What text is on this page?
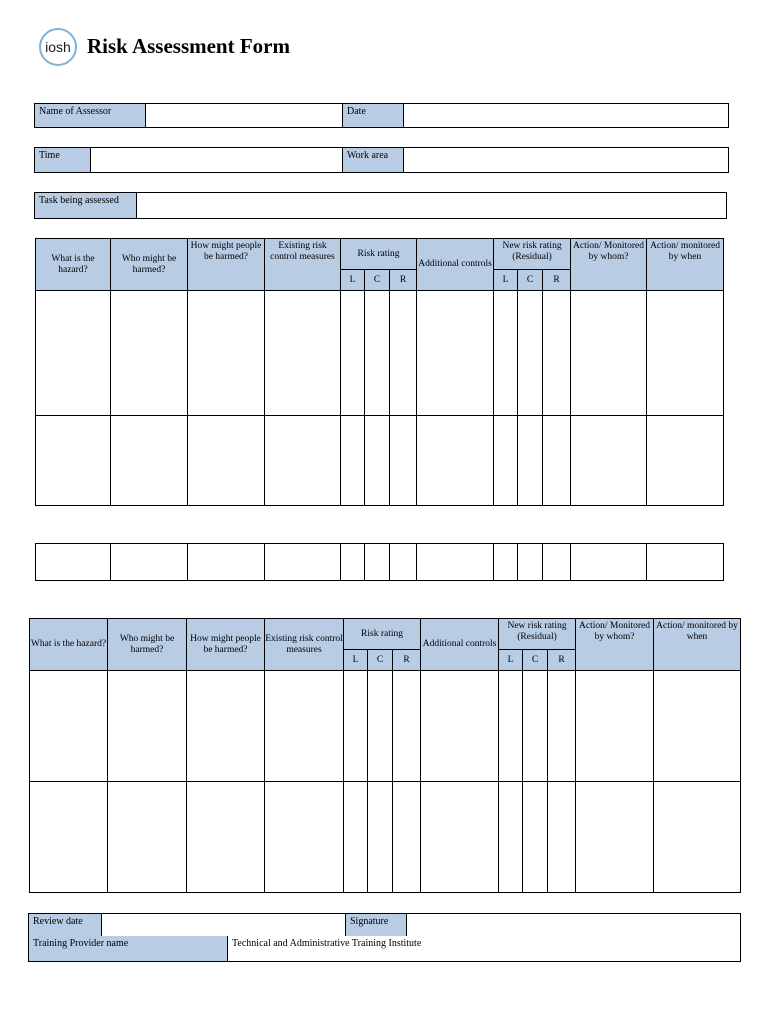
iosh Risk Assessment Form
Name of Assessor	Date
Time	Work area
Task being assessed
What is the hazard?	Who might be harmed?	How might people be harmed?	Existing risk control measures	Risk rating			Additional controls	New risk rating (Residual)			Action/ Monitored by whom?	Action/ monitored by when
				L	C	R		L	C	R		

What is the hazard?	Who might be harmed?	How might people be harmed?	Existing risk control measures	Risk rating			Additional controls	New risk rating (Residual)			Action/ Monitored by whom?	Action/ monitored by when
				L	C	R		L	C	R		

Review date	Signature
Training Provider name	Technical and Administrative Training Institute
